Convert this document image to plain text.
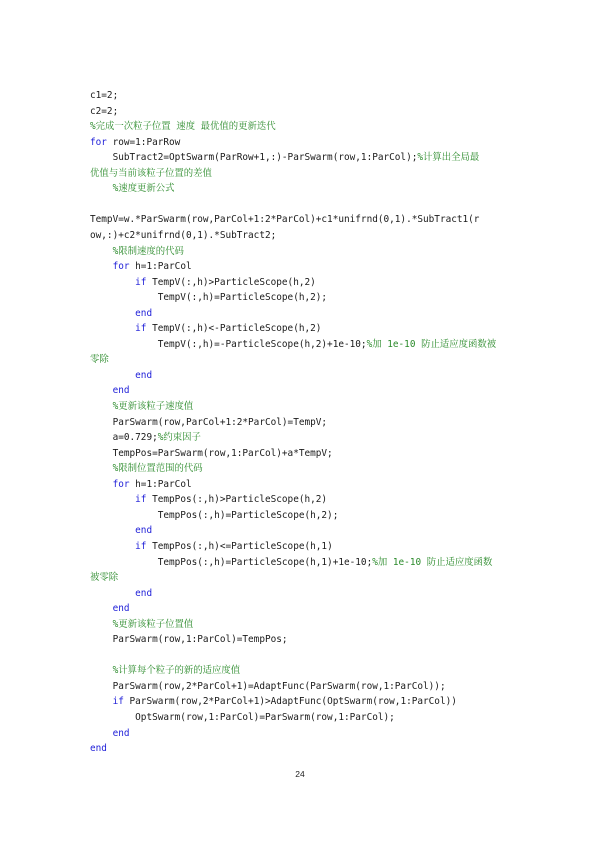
c1=2;
c2=2;
%完成一次粒子位置 速度 最优值的更新迭代
for row=1:ParRow
SubTract2=OptSwarm(ParRow+1,:)-ParSwarm(row,1:ParCol);%计算出全局最
优值与当前该粒子位置的差值
%速度更新公式
TempV=w.*ParSwarm(row,ParCol+1:2*ParCol)+c1*unifrnd(0,1).*SubTract1(r
ow,:)+c2*unifrnd(0,1).*SubTract2;
%限制速度的代码
for h=1:ParCol
if TempV(:,h)>ParticleScope(h,2)
TempV(:,h)=ParticleScope(h,2);
end
if TempV(:,h)<-ParticleScope(h,2)
TempV(:,h)=-ParticleScope(h,2)+1e-10;%加 1e-10 防止适应度函数被
零除
end
end
%更新该粒子速度值
ParSwarm(row,ParCol+1:2*ParCol)=TempV;
a=0.729;%约束因子
TempPos=ParSwarm(row,1:ParCol)+a*TempV;
%限制位置范围的代码
for h=1:ParCol
if TempPos(:,h)>ParticleScope(h,2)
TempPos(:,h)=ParticleScope(h,2);
end
if TempPos(:,h)<=ParticleScope(h,1)
TempPos(:,h)=ParticleScope(h,1)+1e-10;%加 1e-10 防止适应度函数
被零除
end
end
%更新该粒子位置值
ParSwarm(row,1:ParCol)=TempPos;
%计算每个粒子的新的适应度值
ParSwarm(row,2*ParCol+1)=AdaptFunc(ParSwarm(row,1:ParCol));
if ParSwarm(row,2*ParCol+1)>AdaptFunc(OptSwarm(row,1:ParCol))
OptSwarm(row,1:ParCol)=ParSwarm(row,1:ParCol);
end
end
24
